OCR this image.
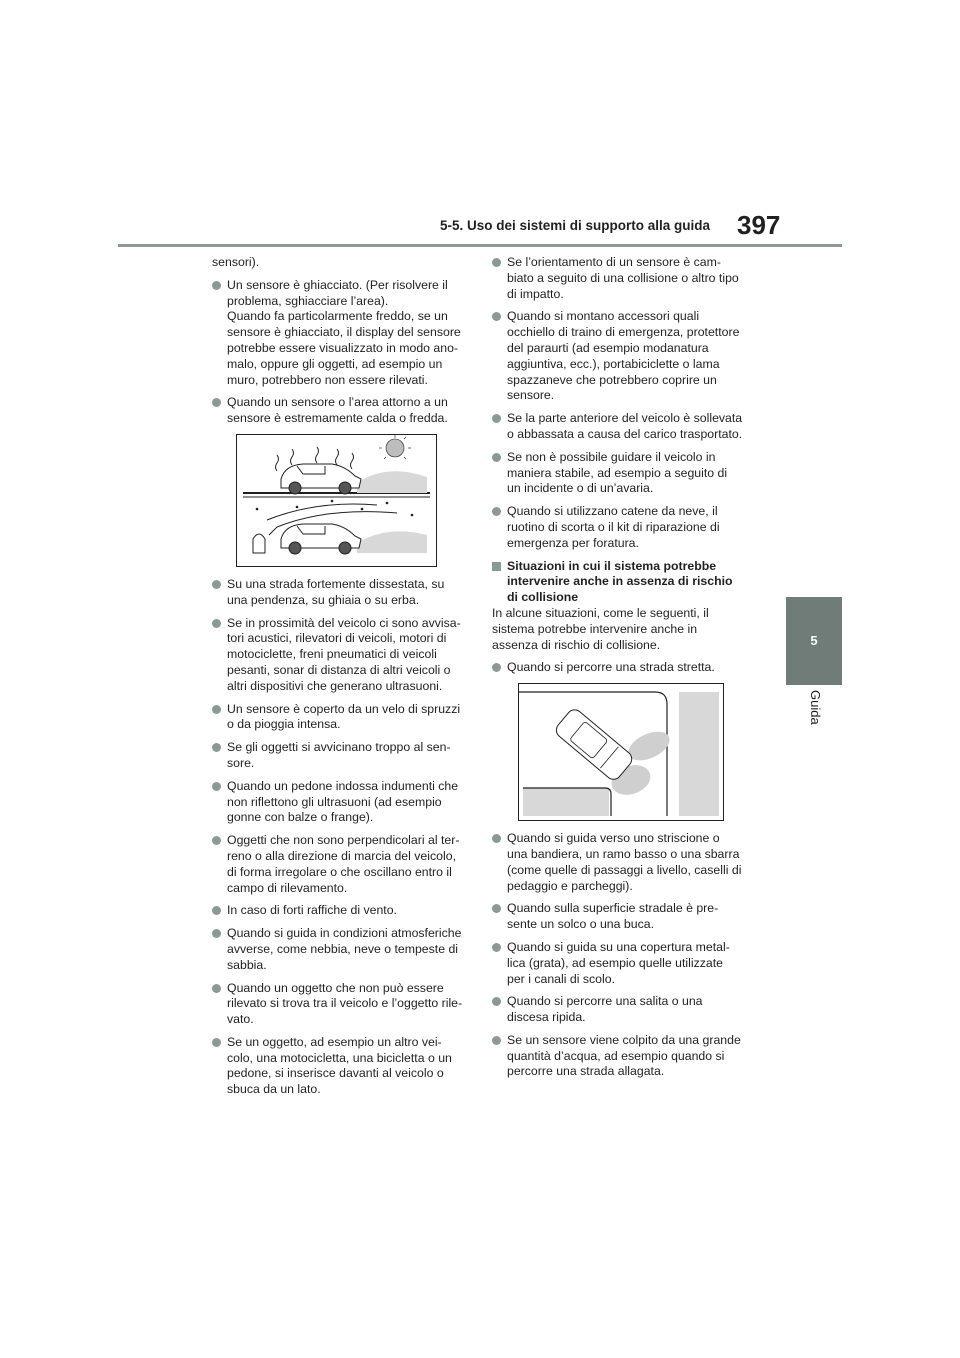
5-5. Uso dei sistemi di supporto alla guida 397
5
Guida
sensori).
Un sensore è ghiacciato. (Per risolvere il
problema, sghiacciare l’area).
Quando fa particolarmente freddo, se un
sensore è ghiacciato, il display del sensore
potrebbe essere visualizzato in modo ano-
malo, oppure gli oggetti, ad esempio un
muro, potrebbero non essere rilevati.
Quando un sensore o l’area attorno a un
sensore è estremamente calda o fredda.
Su una strada fortemente dissestata, su
una pendenza, su ghiaia o su erba.
Se in prossimità del veicolo ci sono avvisa-
tori acustici, rilevatori di veicoli, motori di
motociclette, freni pneumatici di veicoli
pesanti, sonar di distanza di altri veicoli o
altri dispositivi che generano ultrasuoni.
Un sensore è coperto da un velo di spruzzi
o da pioggia intensa.
Se gli oggetti si avvicinano troppo al sen-
sore.
Quando un pedone indossa indumenti che
non riflettono gli ultrasuoni (ad esempio
gonne con balze o frange).
Oggetti che non sono perpendicolari al ter-
reno o alla direzione di marcia del veicolo,
di forma irregolare o che oscillano entro il
campo di rilevamento.
In caso di forti raffiche di vento.
Quando si guida in condizioni atmosferiche
avverse, come nebbia, neve o tempeste di
sabbia.
Quando un oggetto che non può essere
rilevato si trova tra il veicolo e l’oggetto rile-
vato.
Se un oggetto, ad esempio un altro vei-
colo, una motocicletta, una bicicletta o un
pedone, si inserisce davanti al veicolo o
sbuca da un lato.
Se l’orientamento di un sensore è cam-
biato a seguito di una collisione o altro tipo
di impatto.
Quando si montano accessori quali
occhiello di traino di emergenza, protettore
del paraurti (ad esempio modanatura
aggiuntiva, ecc.), portabiciclette o lama
spazzaneve che potrebbero coprire un
sensore.
Se la parte anteriore del veicolo è sollevata
o abbassata a causa del carico trasportato.
Se non è possibile guidare il veicolo in
maniera stabile, ad esempio a seguito di
un incidente o di un’avaria.
Quando si utilizzano catene da neve, il
ruotino di scorta o il kit di riparazione di
emergenza per foratura.
Situazioni in cui il sistema potrebbe
intervenire anche in assenza di rischio
di collisione
In alcune situazioni, come le seguenti, il
sistema potrebbe intervenire anche in
assenza di rischio di collisione.
Quando si percorre una strada stretta.
Quando si guida verso uno striscione o
una bandiera, un ramo basso o una sbarra
(come quelle di passaggi a livello, caselli di
pedaggio e parcheggi).
Quando sulla superficie stradale è pre-
sente un solco o una buca.
Quando si guida su una copertura metal-
lica (grata), ad esempio quelle utilizzate
per i canali di scolo.
Quando si percorre una salita o una
discesa ripida.
Se un sensore viene colpito da una grande
quantità d’acqua, ad esempio quando si
percorre una strada allagata.
